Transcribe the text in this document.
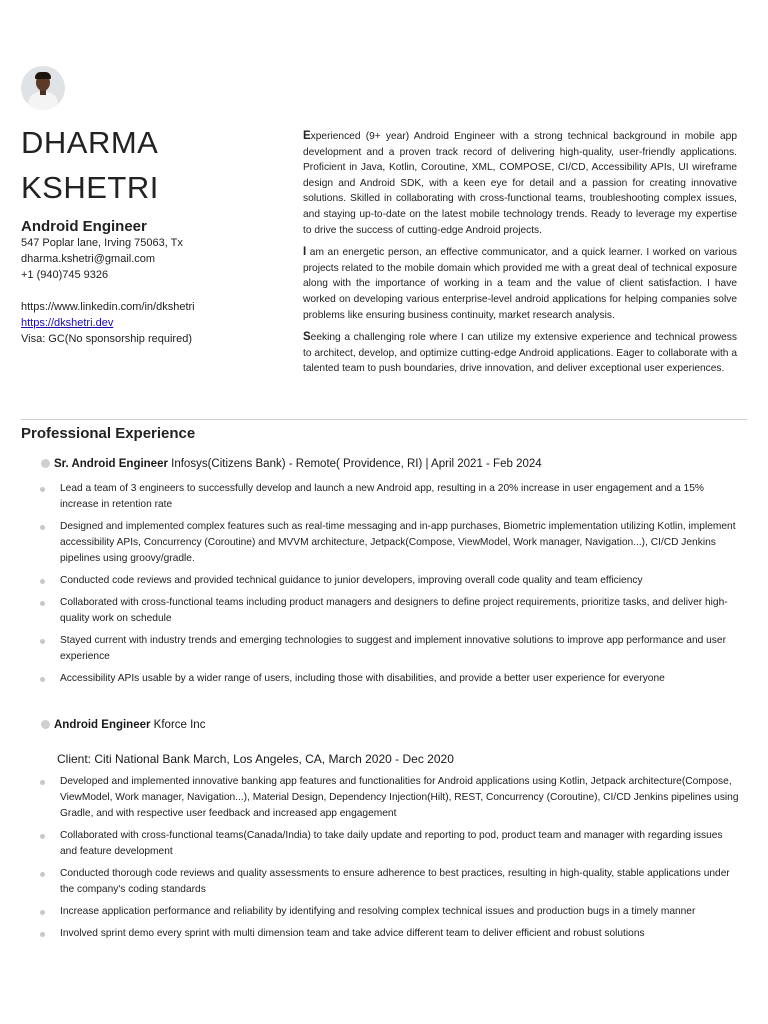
DHARMA
KSHETRI
Android Engineer
547 Poplar lane, Irving 75063, Tx
dharma.kshetri@gmail.com
+1 (940)745 9326
https://www.linkedin.com/in/dkshetri
https://dkshetri.dev
Visa: GC(No sponsorship required)

Experienced (9+ year) Android Engineer with a strong technical background in mobile app development and a proven track record of delivering high-quality, user-friendly applications. Proficient in Java, Kotlin, Coroutine, XML, COMPOSE, CI/CD, Accessibility APIs, UI wireframe design and Android SDK, with a keen eye for detail and a passion for creating innovative solutions. Skilled in collaborating with cross-functional teams, troubleshooting complex issues, and staying up-to-date on the latest mobile technology trends. Ready to leverage my expertise to drive the success of cutting-edge Android projects.

I am an energetic person, an effective communicator, and a quick learner. I worked on various projects related to the mobile domain which provided me with a great deal of technical exposure along with the importance of working in a team and the value of client satisfaction. I have worked on developing various enterprise-level android applications for helping companies solve problems like ensuring business continuity, market research analysis.

Seeking a challenging role where I can utilize my extensive experience and technical prowess to architect, develop, and optimize cutting-edge Android applications. Eager to collaborate with a talented team to push boundaries, drive innovation, and deliver exceptional user experiences.

Professional Experience
Sr. Android Engineer Infosys(Citizens Bank) - Remote( Providence, RI) | April 2021 - Feb 2024
Lead a team of 3 engineers to successfully develop and launch a new Android app, resulting in a 20% increase in user engagement and a 15% increase in retention rate
Designed and implemented complex features such as real-time messaging and in-app purchases, Biometric implementation utilizing Kotlin, implement accessibility APIs, Concurrency (Coroutine) and MVVM architecture, Jetpack(Compose, ViewModel, Work manager, Navigation...), CI/CD Jenkins pipelines using groovy/gradle.
Conducted code reviews and provided technical guidance to junior developers, improving overall code quality and team efficiency
Collaborated with cross-functional teams including product managers and designers to define project requirements, prioritize tasks, and deliver high-quality work on schedule
Stayed current with industry trends and emerging technologies to suggest and implement innovative solutions to improve app performance and user experience
Accessibility APIs usable by a wider range of users, including those with disabilities, and provide a better user experience for everyone
Android Engineer Kforce Inc
Client: Citi National Bank March, Los Angeles, CA, March 2020 - Dec 2020
Developed and implemented innovative banking app features and functionalities for Android applications using Kotlin, Jetpack architecture(Compose, ViewModel, Work manager, Navigation...), Material Design, Dependency Injection(Hilt), REST, Concurrency (Coroutine), CI/CD Jenkins pipelines using Gradle, and with respective user feedback and increased app engagement
Collaborated with cross-functional teams(Canada/India) to take daily update and reporting to pod, product team and manager with regarding issues and feature development
Conducted thorough code reviews and quality assessments to ensure adherence to best practices, resulting in high-quality, stable applications under the company's coding standards
Increase application performance and reliability by identifying and resolving complex technical issues and production bugs in a timely manner
Involved sprint demo every sprint with multi dimension team and take advice different team to deliver efficient and robust solutions
